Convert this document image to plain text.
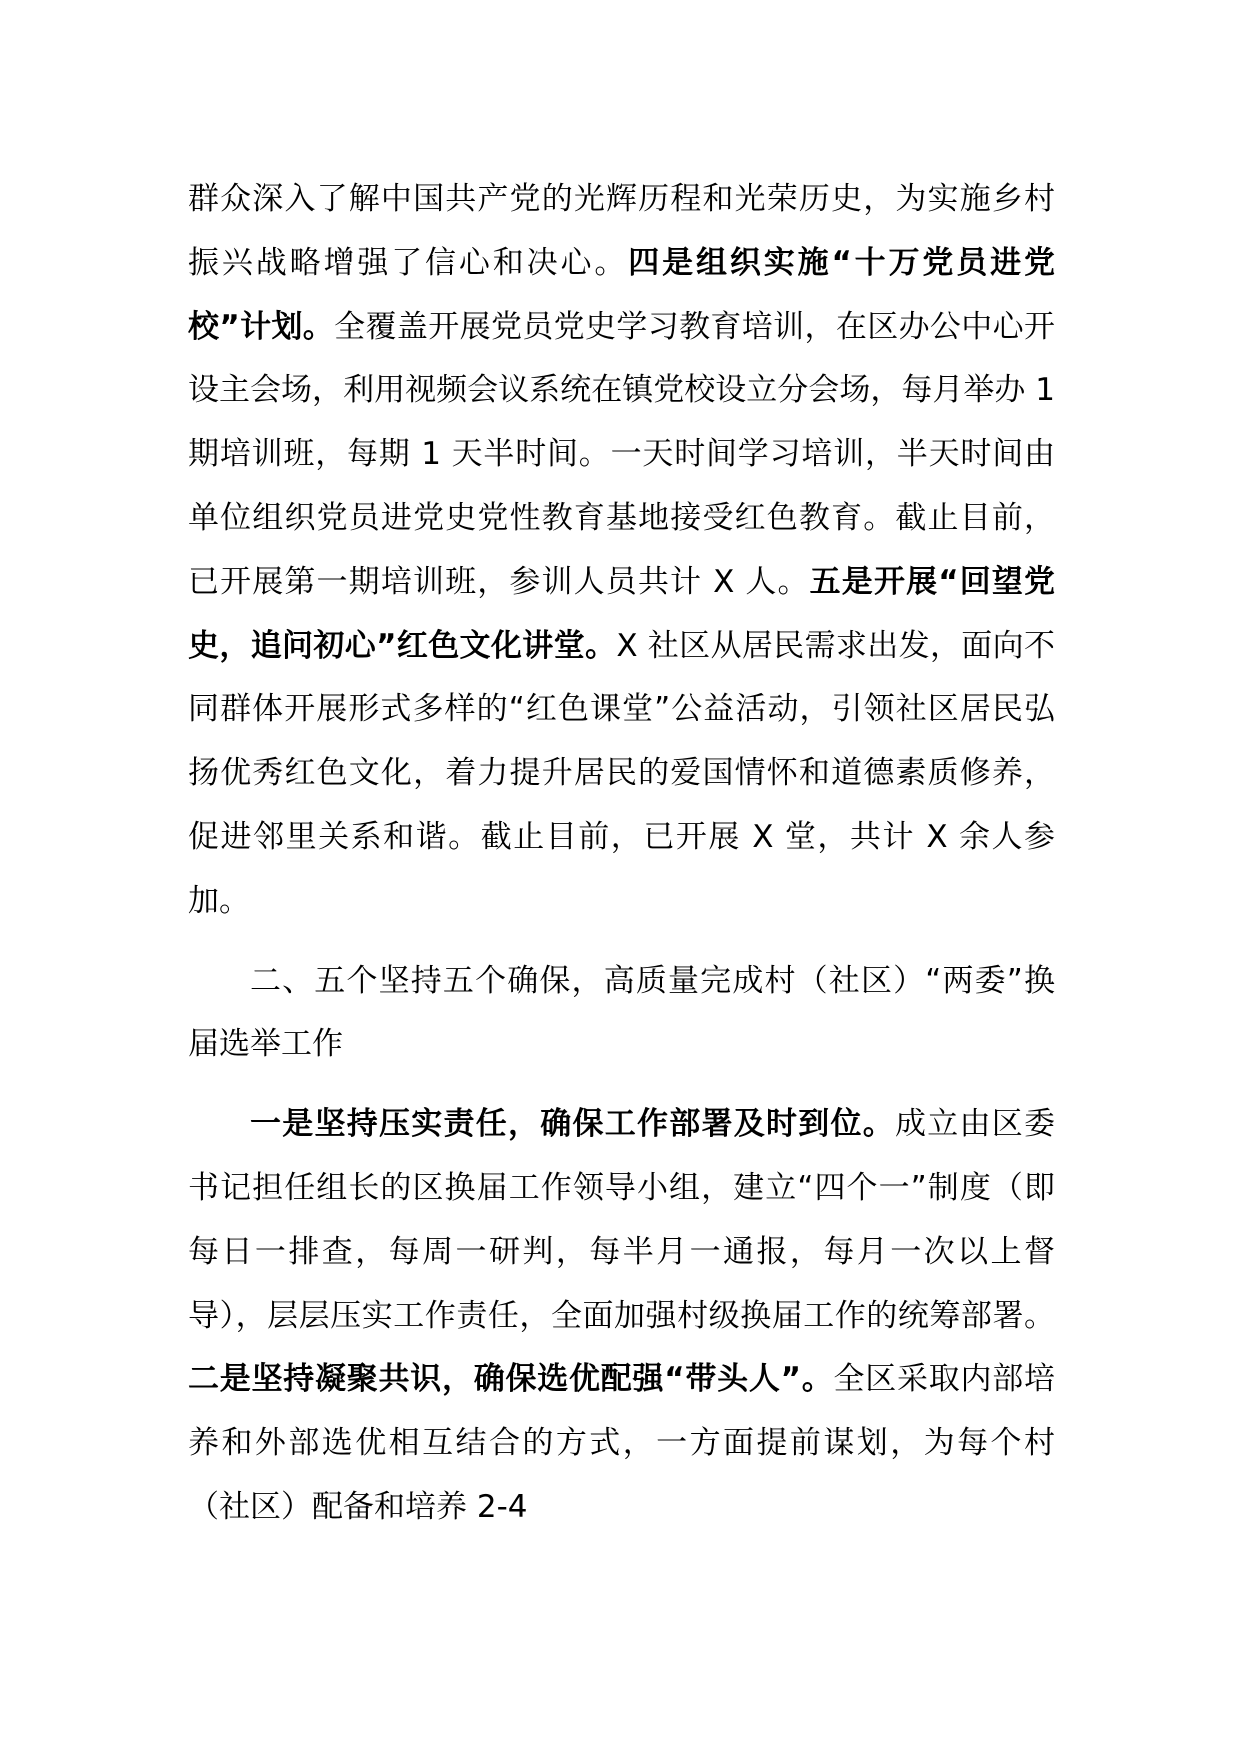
群众深入了解中国共产党的光辉历程和光荣历史，为实施乡村振兴战略增强了信心和决心。四是组织实施“十万党员进党校”计划。全覆盖开展党员党史学习教育培训，在区办公中心开设主会场，利用视频会议系统在镇党校设立分会场，每月举办 1 期培训班，每期 1 天半时间。一天时间学习培训，半天时间由单位组织党员进党史党性教育基地接受红色教育。截止目前，已开展第一期培训班，参训人员共计 X 人。五是开展“回望党史，追问初心”红色文化讲堂。X 社区从居民需求出发，面向不同群体开展形式多样的“红色课堂”公益活动，引领社区居民弘扬优秀红色文化，着力提升居民的爱国情怀和道德素质修养，促进邻里关系和谐。截止目前，已开展 X 堂，共计 X 余人参加。

二、五个坚持五个确保，高质量完成村（社区）“两委”换届选举工作

一是坚持压实责任，确保工作部署及时到位。成立由区委书记担任组长的区换届工作领导小组，建立“四个一”制度（即每日一排查，每周一研判，每半月一通报，每月一次以上督导），层层压实工作责任，全面加强村级换届工作的统筹部署。二是坚持凝聚共识，确保选优配强“带头人”。全区采取内部培养和外部选优相互结合的方式，一方面提前谋划，为每个村（社区）配备和培养 2-4
